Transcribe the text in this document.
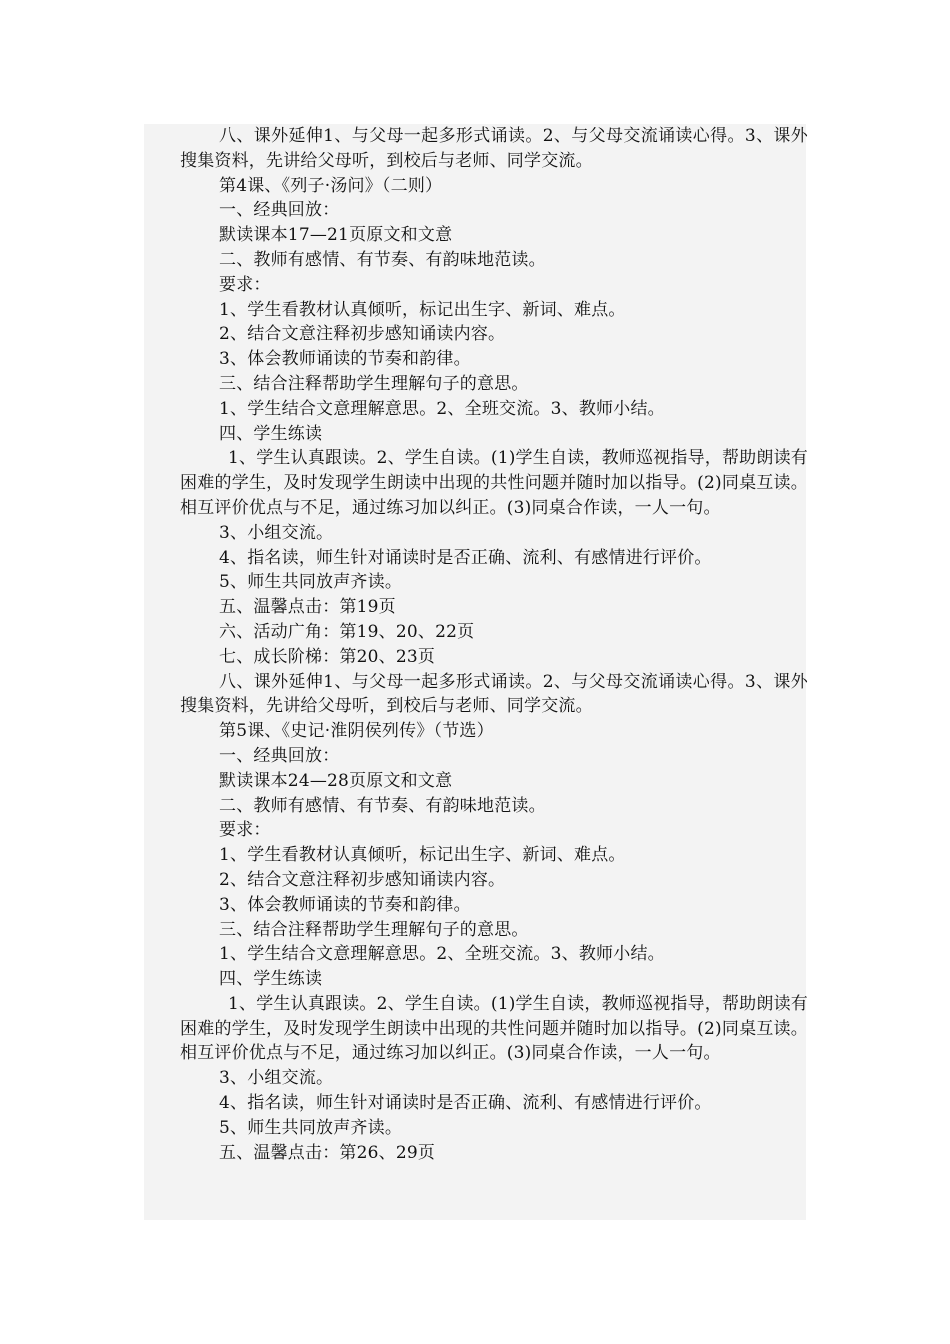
八、课外延伸1、与父母一起多形式诵读。2、与父母交流诵读心得。3、课外搜集资料，先讲给父母听，到校后与老师、同学交流。

第4课、《列子·汤问》（二则）

一、经典回放：

默读课本17—21页原文和文意

二、教师有感情、有节奏、有韵味地范读。

要求：

1、学生看教材认真倾听，标记出生字、新词、难点。

2、结合文意注释初步感知诵读内容。

3、体会教师诵读的节奏和韵律。

三、结合注释帮助学生理解句子的意思。

1、学生结合文意理解意思。2、全班交流。3、教师小结。

四、学生练读

1、学生认真跟读。2、学生自读。(1)学生自读，教师巡视指导，帮助朗读有困难的学生，及时发现学生朗读中出现的共性问题并随时加以指导。(2)同桌互读。相互评价优点与不足，通过练习加以纠正。(3)同桌合作读，一人一句。

3、小组交流。

4、指名读，师生针对诵读时是否正确、流利、有感情进行评价。

5、师生共同放声齐读。

五、温馨点击：第19页

六、活动广角：第19、20、22页

七、成长阶梯：第20、23页

八、课外延伸1、与父母一起多形式诵读。2、与父母交流诵读心得。3、课外搜集资料，先讲给父母听，到校后与老师、同学交流。

第5课、《史记·淮阴侯列传》（节选）

一、经典回放：

默读课本24—28页原文和文意

二、教师有感情、有节奏、有韵味地范读。

要求：

1、学生看教材认真倾听，标记出生字、新词、难点。

2、结合文意注释初步感知诵读内容。

3、体会教师诵读的节奏和韵律。

三、结合注释帮助学生理解句子的意思。

1、学生结合文意理解意思。2、全班交流。3、教师小结。

四、学生练读

1、学生认真跟读。2、学生自读。(1)学生自读，教师巡视指导，帮助朗读有困难的学生，及时发现学生朗读中出现的共性问题并随时加以指导。(2)同桌互读。相互评价优点与不足，通过练习加以纠正。(3)同桌合作读，一人一句。

3、小组交流。

4、指名读，师生针对诵读时是否正确、流利、有感情进行评价。

5、师生共同放声齐读。

五、温馨点击：第26、29页
